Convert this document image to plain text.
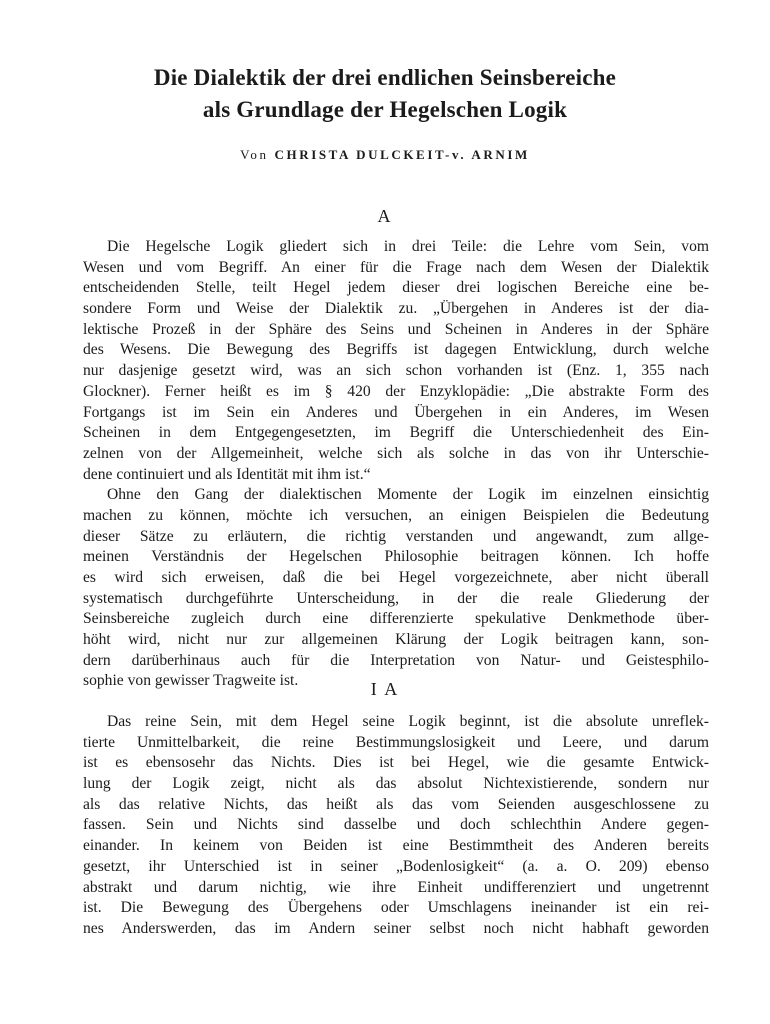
Die Dialektik der drei endlichen Seinsbereiche
als Grundlage der Hegelschen Logik
Von CHRISTA DULCKEIT-v. ARNIM
A
Die Hegelsche Logik gliedert sich in drei Teile: die Lehre vom Sein, vom
Wesen und vom Begriff. An einer für die Frage nach dem Wesen der Dialektik
entscheidenden Stelle, teilt Hegel jedem dieser drei logischen Bereiche eine be-
sondere Form und Weise der Dialektik zu. „Übergehen in Anderes ist der dia-
lektische Prozeß in der Sphäre des Seins und Scheinen in Anderes in der Sphäre
des Wesens. Die Bewegung des Begriffs ist dagegen Entwicklung, durch welche
nur dasjenige gesetzt wird, was an sich schon vorhanden ist (Enz. 1, 355 nach
Glockner). Ferner heißt es im § 420 der Enzyklopädie: „Die abstrakte Form des
Fortgangs ist im Sein ein Anderes und Übergehen in ein Anderes, im Wesen
Scheinen in dem Entgegengesetzten, im Begriff die Unterschiedenheit des Ein-
zelnen von der Allgemeinheit, welche sich als solche in das von ihr Unterschie-
dene continuiert und als Identität mit ihm ist.“
Ohne den Gang der dialektischen Momente der Logik im einzelnen einsichtig
machen zu können, möchte ich versuchen, an einigen Beispielen die Bedeutung
dieser Sätze zu erläutern, die richtig verstanden und angewandt, zum allge-
meinen Verständnis der Hegelschen Philosophie beitragen können. Ich hoffe
es wird sich erweisen, daß die bei Hegel vorgezeichnete, aber nicht überall
systematisch durchgeführte Unterscheidung, in der die reale Gliederung der
Seinsbereiche zugleich durch eine differenzierte spekulative Denkmethode über-
höht wird, nicht nur zur allgemeinen Klärung der Logik beitragen kann, son-
dern darüberhinaus auch für die Interpretation von Natur- und Geistesphilo-
sophie von gewisser Tragweite ist.	I A
Das reine Sein, mit dem Hegel seine Logik beginnt, ist die absolute unreflek-
tierte Unmittelbarkeit, die reine Bestimmungslosigkeit und Leere, und darum
ist es ebensosehr das Nichts. Dies ist bei Hegel, wie die gesamte Entwick-
lung der Logik zeigt, nicht als das absolut Nichtexistierende, sondern nur
als das relative Nichts, das heißt als das vom Seienden ausgeschlossene zu
fassen. Sein und Nichts sind dasselbe und doch schlechthin Andere gegen-
einander. In keinem von Beiden ist eine Bestimmtheit des Anderen bereits
gesetzt, ihr Unterschied ist in seiner „Bodenlosigkeit“ (a. a. O. 209) ebenso
abstrakt und darum nichtig, wie ihre Einheit undifferenziert und ungetrennt
ist. Die Bewegung des Übergehens oder Umschlagens ineinander ist ein rei-
nes Anderswerden, das im Andern seiner selbst noch nicht habhaft geworden
